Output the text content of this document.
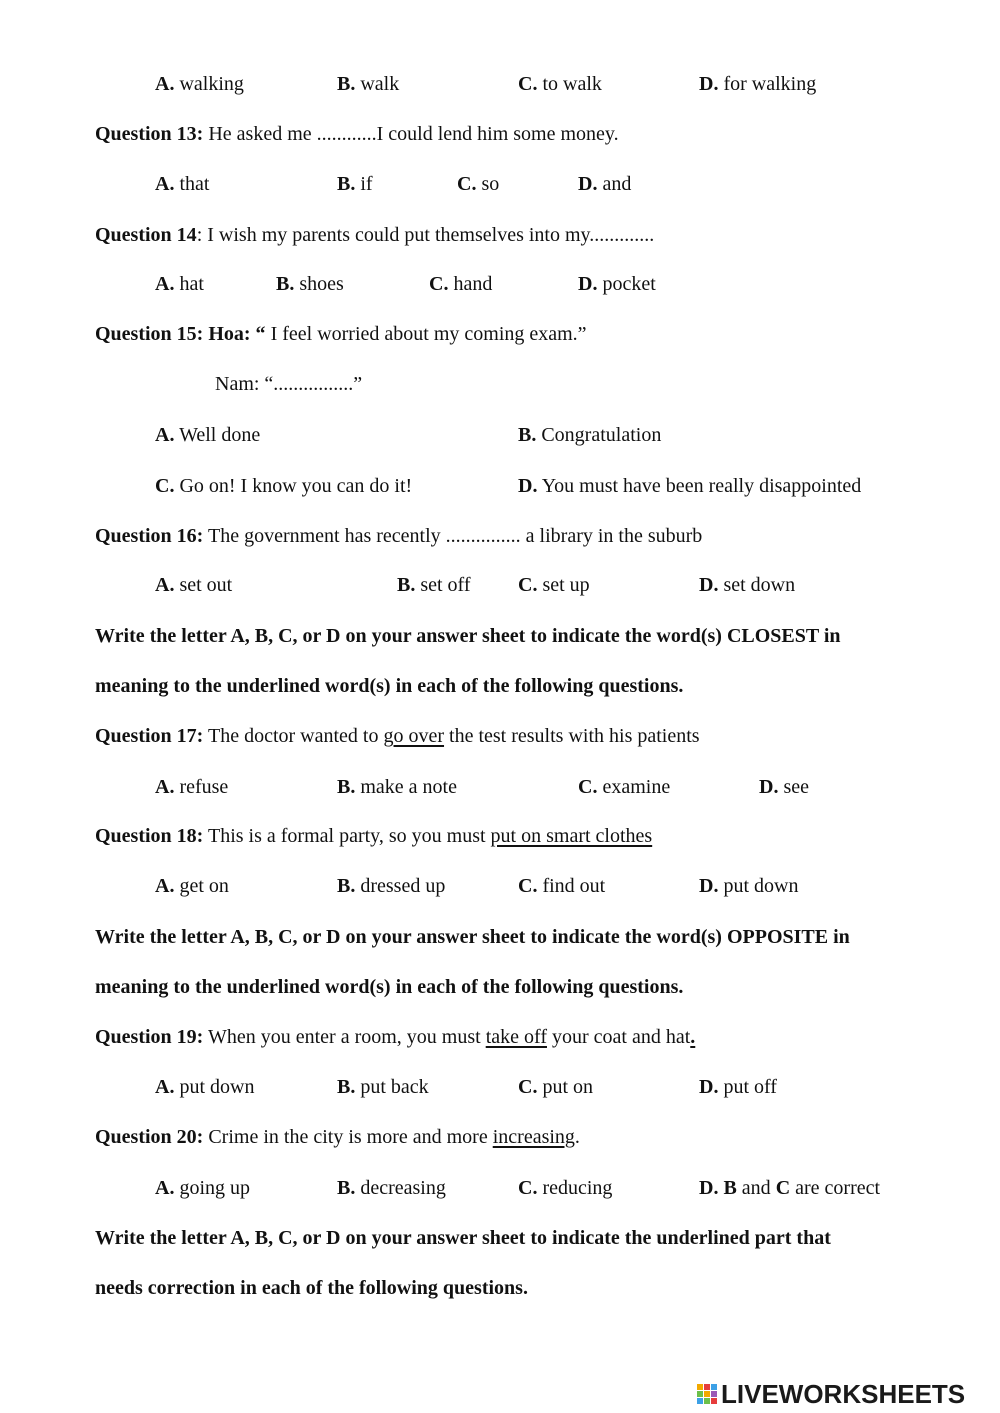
A. walking	B. walk	C. to walk	D. for walking
Question 13: He asked me ............I could lend him some money.
A. that	B. if	C. so	D. and
Question 14: I wish my parents could put themselves into my.............
A. hat	B. shoes	C. hand	D. pocket
Question 15: Hoa: “ I feel worried about my coming exam.”
Nam: “................”
A. Well done	B. Congratulation
C. Go on! I know you can do it!	D. You must have been really disappointed
Question 16: The government has recently ............... a library in the suburb
A. set out	B. set off C. set up	D. set down
Write the letter A, B, C, or D on your answer sheet to indicate the word(s) CLOSEST in
meaning to the underlined word(s) in each of the following questions.
Question 17: The doctor wanted to go over the test results with his patients
A. refuse	B. make a note	C. examine	D. see
Question 18: This is a formal party, so you must put on smart clothes
A. get on	B. dressed up	C. find out	D. put down
Write the letter A, B, C, or D on your answer sheet to indicate the word(s) OPPOSITE in
meaning to the underlined word(s) in each of the following questions.
Question 19: When you enter a room, you must take off your coat and hat.
A. put down	B. put back	C. put on	D. put off
Question 20: Crime in the city is more and more increasing.
A. going up	B. decreasing	C. reducing	D. B and C are correct
Write the letter A, B, C, or D on your answer sheet to indicate the underlined part that
needs correction in each of the following questions.
LIVEWORKSHEETS
